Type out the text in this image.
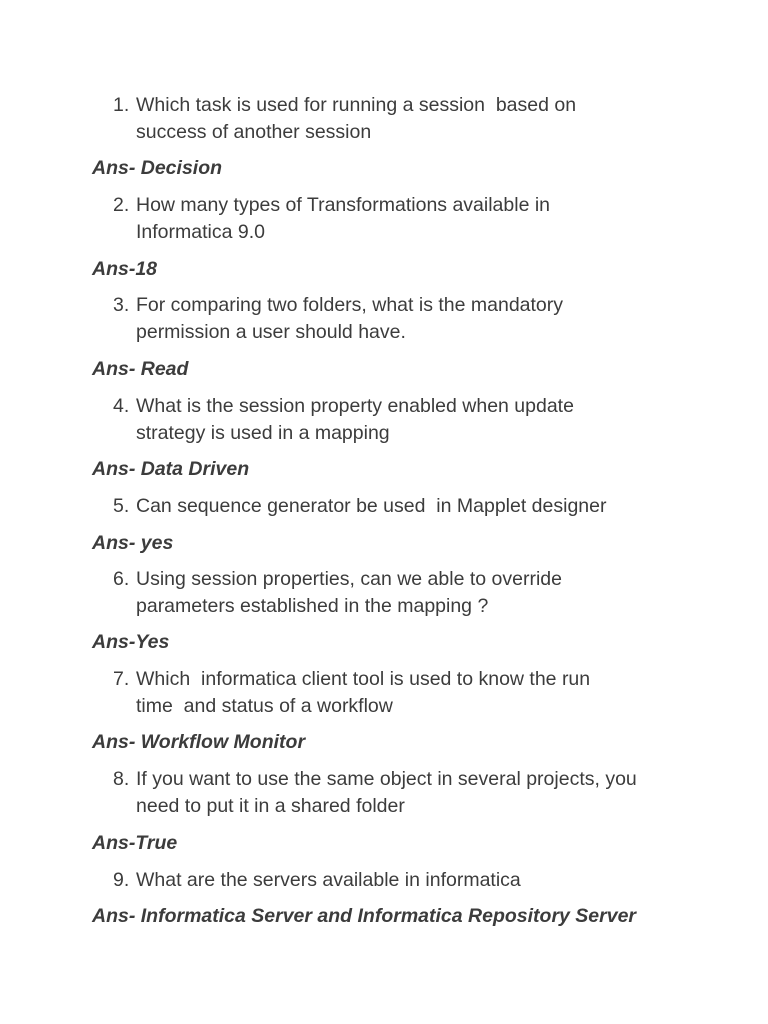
1. Which task is used for running a session  based on
success of another session
Ans- Decision
2. How many types of Transformations available in
Informatica 9.0
Ans-18
3. For comparing two folders, what is the mandatory
permission a user should have.
Ans- Read
4. What is the session property enabled when update
strategy is used in a mapping
Ans- Data Driven
5. Can sequence generator be used  in Mapplet designer
Ans- yes
6. Using session properties, can we able to override
parameters established in the mapping ?
Ans-Yes
7. Which  informatica client tool is used to know the run
time  and status of a workflow
Ans- Workflow Monitor
8. If you want to use the same object in several projects, you
need to put it in a shared folder
Ans-True
9. What are the servers available in informatica
Ans- Informatica Server and Informatica Repository Server
